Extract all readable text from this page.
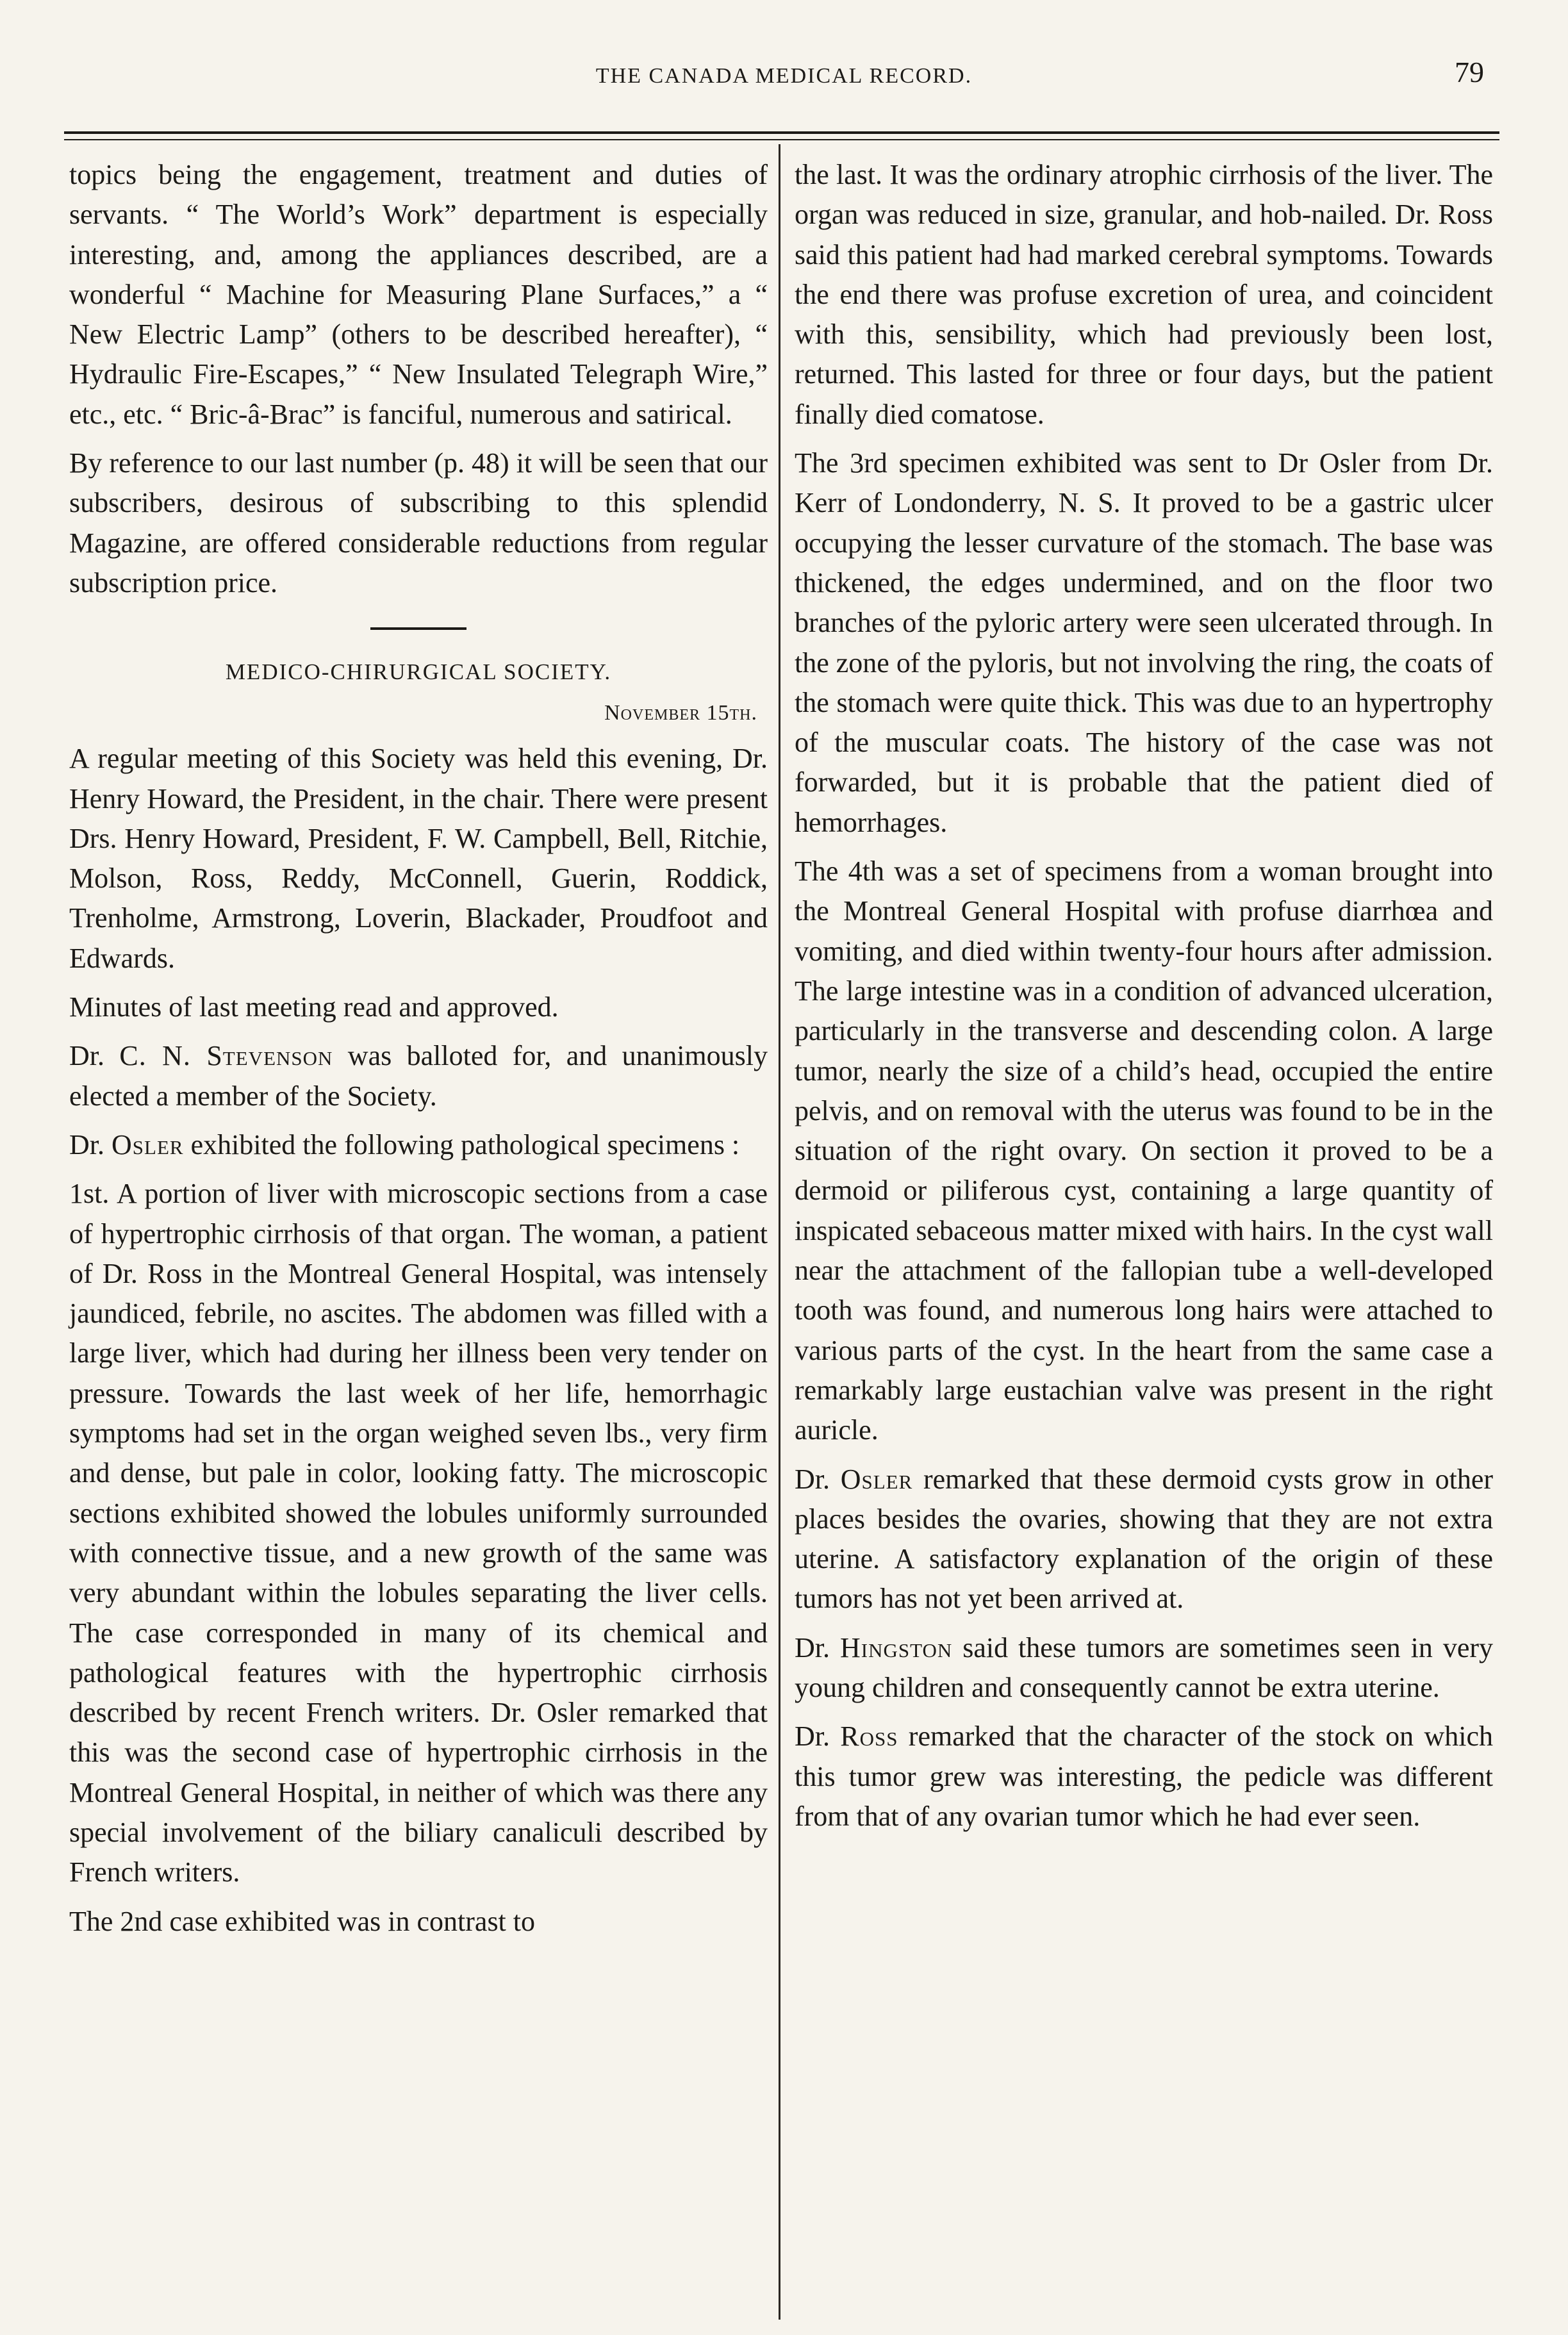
THE CANADA MEDICAL RECORD.	79

topics being the engagement, treatment and duties of servants. “ The World’s Work” department is especially interesting, and, among the appliances described, are a wonderful “ Machine for Measuring Plane Surfaces,” a “ New Electric Lamp” (others to be described hereafter), “ Hydraulic Fire-Escapes,” “ New Insulated Telegraph Wire,” etc., etc. “ Bric-â-Brac” is fanciful, numerous and satirical.

By reference to our last number (p. 48) it will be seen that our subscribers, desirous of subscribing to this splendid Magazine, are offered considerable reductions from regular subscription price.

MEDICO-CHIRURGICAL SOCIETY.

November 15th.

A regular meeting of this Society was held this evening, Dr. Henry Howard, the President, in the chair. There were present Drs. Henry Howard, President, F. W. Campbell, Bell, Ritchie, Molson, Ross, Reddy, McConnell, Guerin, Roddick, Trenholme, Armstrong, Loverin, Blackader, Proudfoot and Edwards.

Minutes of last meeting read and approved.

Dr. C. N. Stevenson was balloted for, and unanimously elected a member of the Society.

Dr. Osler exhibited the following pathological specimens :

1st. A portion of liver with microscopic sections from a case of hypertrophic cirrhosis of that organ. The woman, a patient of Dr. Ross in the Montreal General Hospital, was intensely jaundiced, febrile, no ascites. The abdomen was filled with a large liver, which had during her illness been very tender on pressure. Towards the last week of her life, hemorrhagic symptoms had set in the organ weighed seven lbs., very firm and dense, but pale in color, looking fatty. The microscopic sections exhibited showed the lobules uniformly surrounded with connective tissue, and a new growth of the same was very abundant within the lobules separating the liver cells. The case corresponded in many of its chemical and pathological features with the hypertrophic cirrhosis described by recent French writers. Dr. Osler remarked that this was the second case of hypertrophic cirrhosis in the Montreal General Hospital, in neither of which was there any special involvement of the biliary canaliculi described by French writers.

The 2nd case exhibited was in contrast to

the last. It was the ordinary atrophic cirrhosis of the liver. The organ was reduced in size, granular, and hob-nailed. Dr. Ross said this patient had had marked cerebral symptoms. Towards the end there was profuse excretion of urea, and coincident with this, sensibility, which had previously been lost, returned. This lasted for three or four days, but the patient finally died comatose.

The 3rd specimen exhibited was sent to Dr Osler from Dr. Kerr of Londonderry, N. S. It proved to be a gastric ulcer occupying the lesser curvature of the stomach. The base was thickened, the edges undermined, and on the floor two branches of the pyloric artery were seen ulcerated through. In the zone of the pyloris, but not involving the ring, the coats of the stomach were quite thick. This was due to an hypertrophy of the muscular coats. The history of the case was not forwarded, but it is probable that the patient died of hemorrhages.

The 4th was a set of specimens from a woman brought into the Montreal General Hospital with profuse diarrhœa and vomiting, and died within twenty-four hours after admission. The large intestine was in a condition of advanced ulceration, particularly in the transverse and descending colon. A large tumor, nearly the size of a child’s head, occupied the entire pelvis, and on removal with the uterus was found to be in the situation of the right ovary. On section it proved to be a dermoid or piliferous cyst, containing a large quantity of inspicated sebaceous matter mixed with hairs. In the cyst wall near the attachment of the fallopian tube a well-developed tooth was found, and numerous long hairs were attached to various parts of the cyst. In the heart from the same case a remarkably large eustachian valve was present in the right auricle.

Dr. Osler remarked that these dermoid cysts grow in other places besides the ovaries, showing that they are not extra uterine. A satisfactory explanation of the origin of these tumors has not yet been arrived at.

Dr. Hingston said these tumors are sometimes seen in very young children and consequently cannot be extra uterine.

Dr. Ross remarked that the character of the stock on which this tumor grew was interesting, the pedicle was different from that of any ovarian tumor which he had ever seen.
